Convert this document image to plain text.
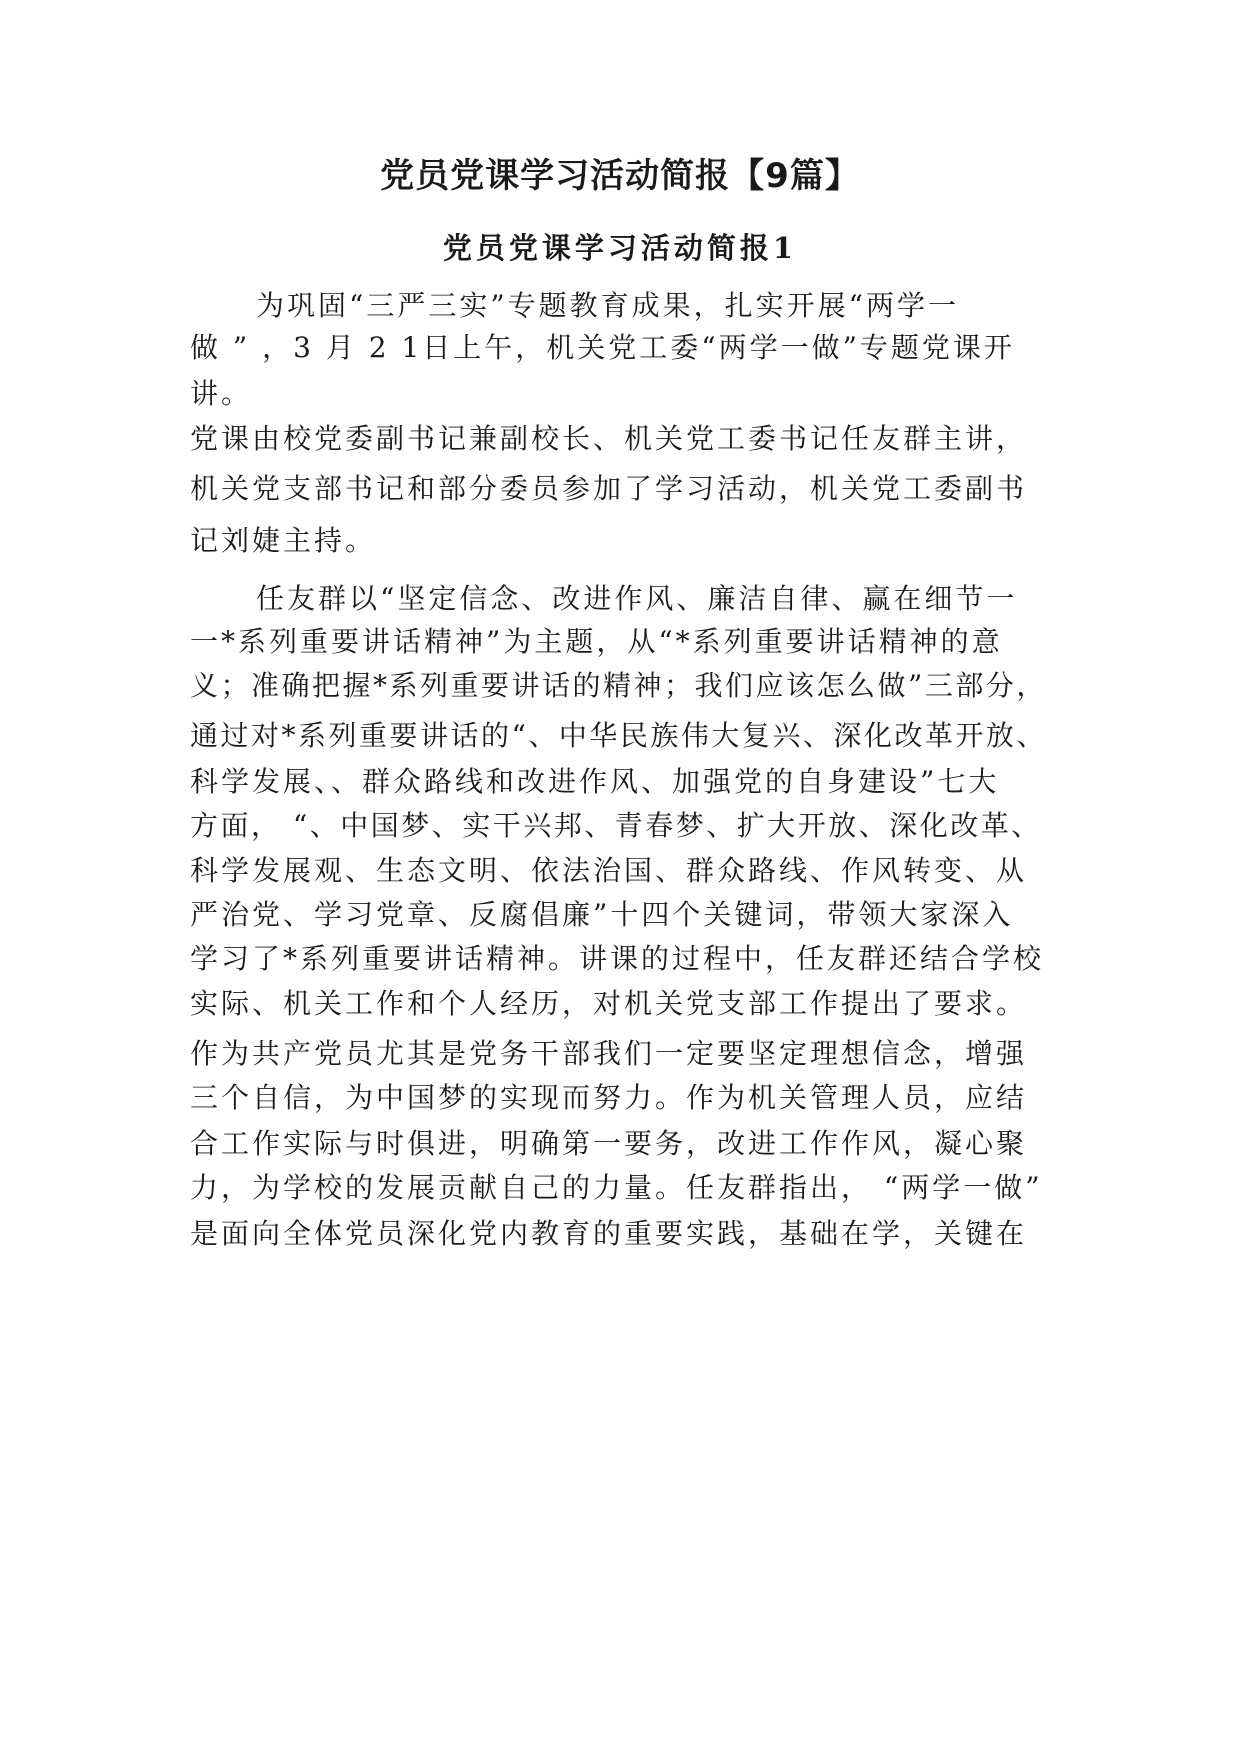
党员党课学习活动简报【9篇】
党员党课学习活动简报1

为巩固“三严三实”专题教育成果，扎实开展“两学一

做 ” ，3 月 2 1日上午，机关党工委“两学一做”专题党课开

讲。

党课由校党委副书记兼副校长、机关党工委书记任友群主讲，

机关党支部书记和部分委员参加了学习活动，机关党工委副书

记刘婕主持。

任友群以“坚定信念、改进作风、廉洁自律、赢在细节一

一*系列重要讲话精神”为主题，从“*系列重要讲话精神的意

义；准确把握*系列重要讲话的精神；我们应该怎么做”三部分，

通过对*系列重要讲话的“、中华民族伟大复兴、深化改革开放、

科学发展、、群众路线和改进作风、加强党的自身建设”七大

方面， “、中国梦、实干兴邦、青春梦、扩大开放、深化改革、

科学发展观、生态文明、依法治国、群众路线、作风转变、从

严治党、学习党章、反腐倡廉”十四个关键词，带领大家深入

学习了*系列重要讲话精神。讲课的过程中，任友群还结合学校

实际、机关工作和个人经历，对机关党支部工作提出了要求。

作为共产党员尤其是党务干部我们一定要坚定理想信念，增强

三个自信，为中国梦的实现而努力。作为机关管理人员，应结

合工作实际与时俱进，明确第一要务，改进工作作风，凝心聚

力，为学校的发展贡献自己的力量。任友群指出， “两学一做”

是面向全体党员深化党内教育的重要实践，基础在学，关键在
